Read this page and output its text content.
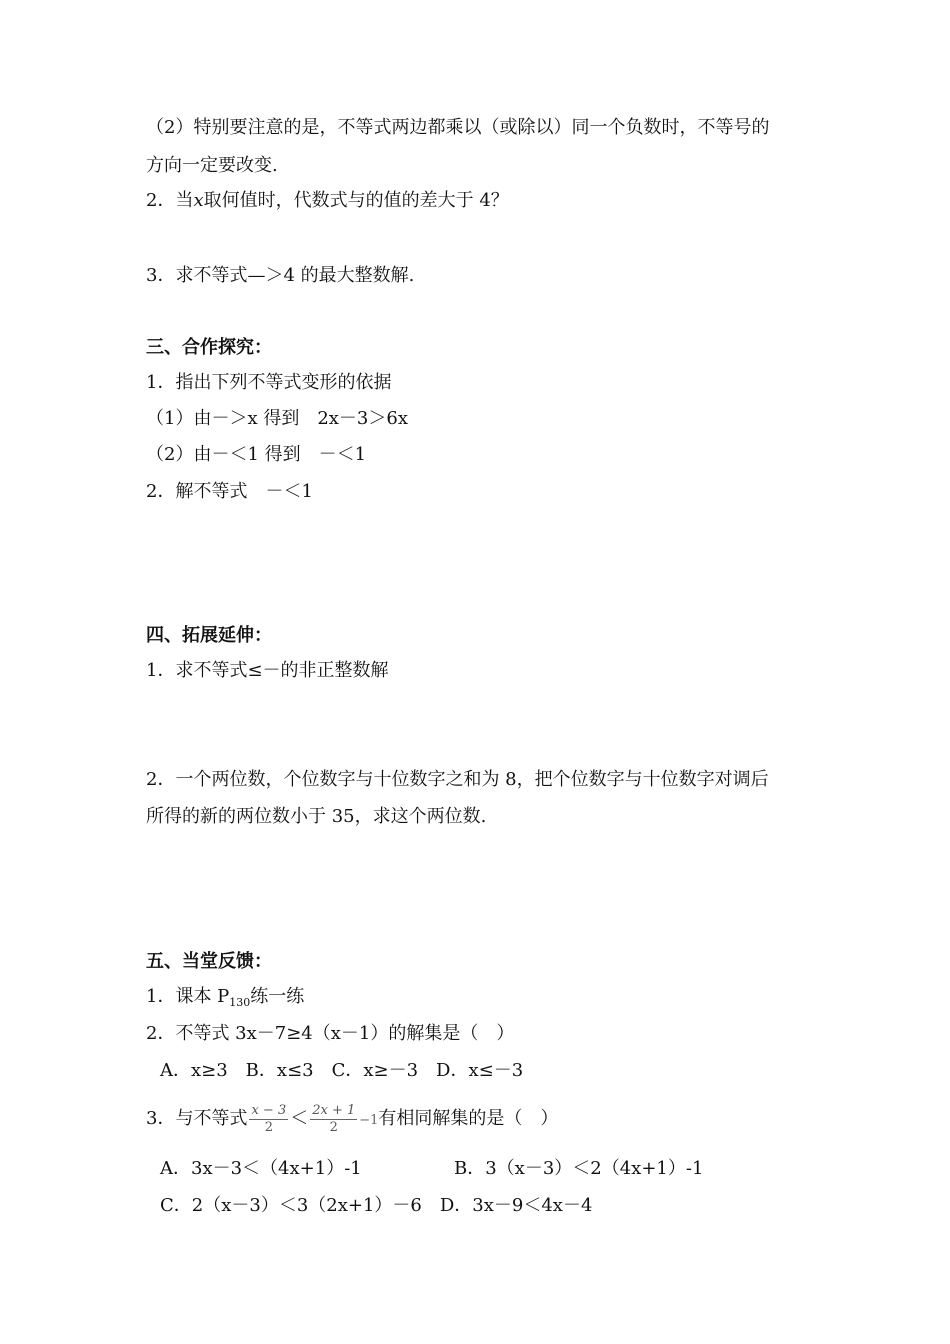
（2）特别要注意的是，不等式两边都乘以（或除以）同一个负数时，不等号的
方向一定要改变.
2．当x取何值时，代数式与的值的差大于 4？
3．求不等式—＞4 的最大整数解.
三、合作探究：
1．指出下列不等式变形的依据
（1）由－＞x 得到　2x－3＞6x
（2）由－＜1 得到　－＜1
2．解不等式　－＜1
四、拓展延伸：
1．求不等式≤－的非正整数解
2．一个两位数，个位数字与十位数字之和为 8，把个位数字与十位数字对调后
所得的新的两位数小于 35，求这个两位数.
五、当堂反馈：
1．课本 $P_{130}$练一练
2．不等式 3x－7≥4（x－1）的解集是（　）
A．x≥3　B．x≤3　C．x≥－3　D．x≤－3
3．与不等式 $\frac{x - 3}{2} < \frac{2x + 1}{2} -1$有相同解集的是（　）
A．3x－3＜（4x+1）-1	B．3（x－3）＜2（4x+1）-1
C．2（x－3）＜3（2x+1）－6　D．3x－9＜4x－4
